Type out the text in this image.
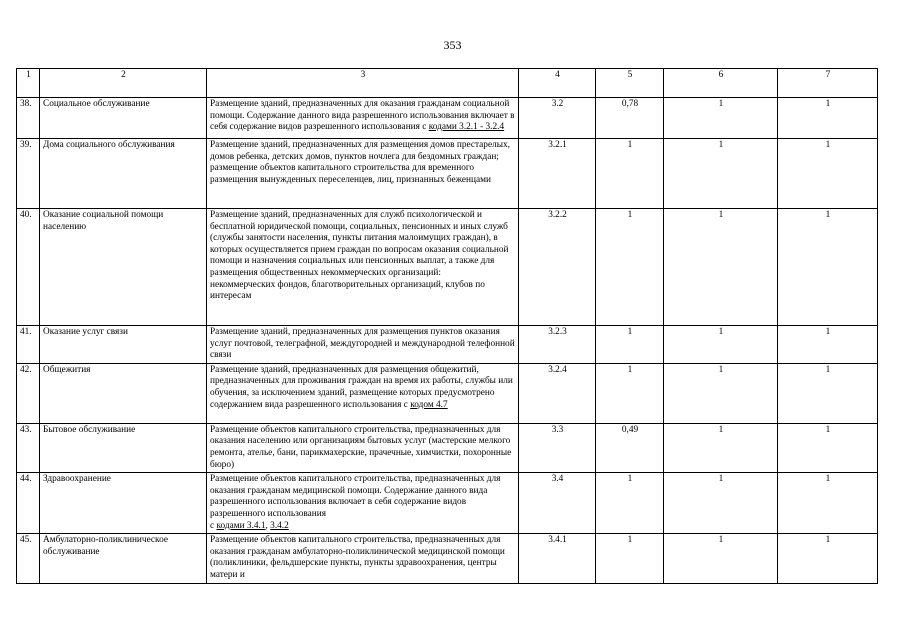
353
1	2	3	4	5	6	7
38.	Социальное обслуживание	Размещение зданий, предназначенных для оказания гражданам социальной помощи. Содержание данного вида разрешенного использования включает в себя содержание видов разрешенного использования с кодами 3.2.1 - 3.2.4	3.2	0,78	1	1
39.	Дома социального обслуживания	Размещение зданий, предназначенных для размещения домов престарелых, домов ребенка, детских домов, пунктов ночлега для бездомных граждан;
размещение объектов капитального строительства для временного размещения вынужденных переселенцев, лиц, признанных беженцами	3.2.1	1	1	1
40.	Оказание социальной помощи населению	Размещение зданий, предназначенных для служб психологической и бесплатной юридической помощи, социальных, пенсионных и иных служб (службы занятости населения, пункты питания малоимущих граждан), в которых осуществляется прием граждан по вопросам оказания социальной помощи и назначения социальных или пенсионных выплат, а также для размещения общественных некоммерческих организаций:
некоммерческих фондов, благотворительных организаций, клубов по интересам	3.2.2	1	1	1
41.	Оказание услуг связи	Размещение зданий, предназначенных для размещения пунктов оказания услуг почтовой, телеграфной, междугородней и международной телефонной связи	3.2.3	1	1	1
42.	Общежития	Размещение зданий, предназначенных для размещения общежитий, предназначенных для проживания граждан на время их работы, службы или обучения, за исключением зданий, размещение которых предусмотрено содержанием вида разрешенного использования с кодом 4.7	3.2.4	1	1	1
43.	Бытовое обслуживание	Размещение объектов капитального строительства, предназначенных для оказания населению или организациям бытовых услуг (мастерские мелкого ремонта, ателье, бани, парикмахерские, прачечные, химчистки, похоронные бюро)	3.3	0,49	1	1
44.	Здравоохранение	Размещение объектов капитального строительства, предназначенных для оказания гражданам медицинской помощи. Содержание данного вида разрешенного использования включает в себя содержание видов разрешенного использования
с кодами 3.4.1, 3.4.2	3.4	1	1	1
45.	Амбулаторно-поликлиническое обслуживание	Размещение объектов капитального строительства, предназначенных для оказания гражданам амбулаторно-поликлинической медицинской помощи (поликлиники, фельдшерские пункты, пункты здравоохранения, центры матери и	3.4.1	1	1	1
